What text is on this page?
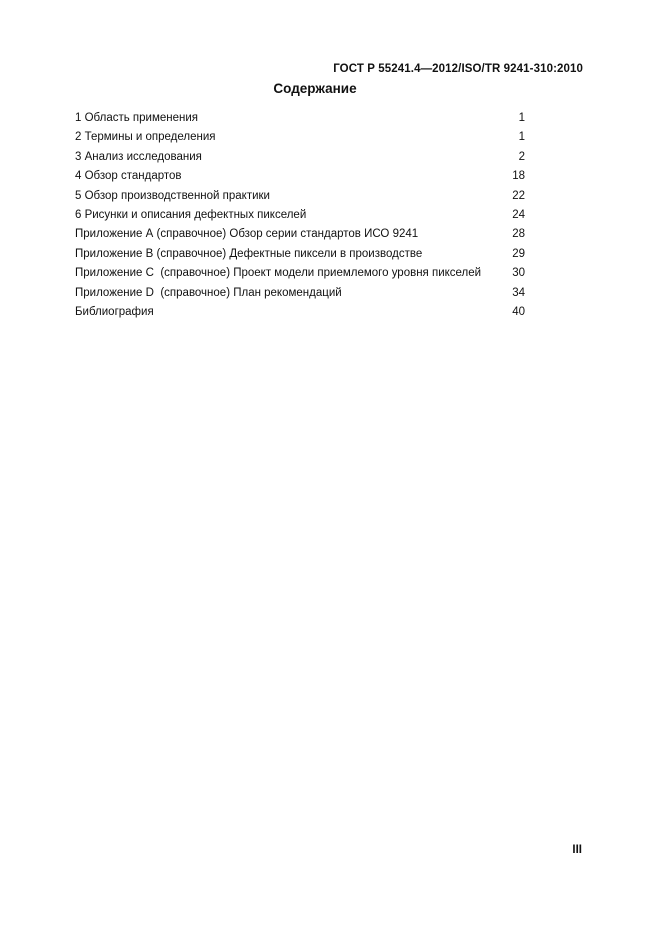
ГОСТ Р 55241.4—2012/ISO/TR 9241-310:2010
Содержание
1 Область применения	1
2 Термины и определения	1
3 Анализ исследования	2
4 Обзор стандартов	18
5 Обзор производственной практики	22
6 Рисунки и описания дефектных пикселей	24
Приложение А (справочное) Обзор серии стандартов ИСО 9241	28
Приложение В (справочное) Дефектные пиксели в производстве	29
Приложение С  (справочное) Проект модели приемлемого уровня пикселей	30
Приложение D  (справочное) План рекомендаций	34
Библиография	40
III
